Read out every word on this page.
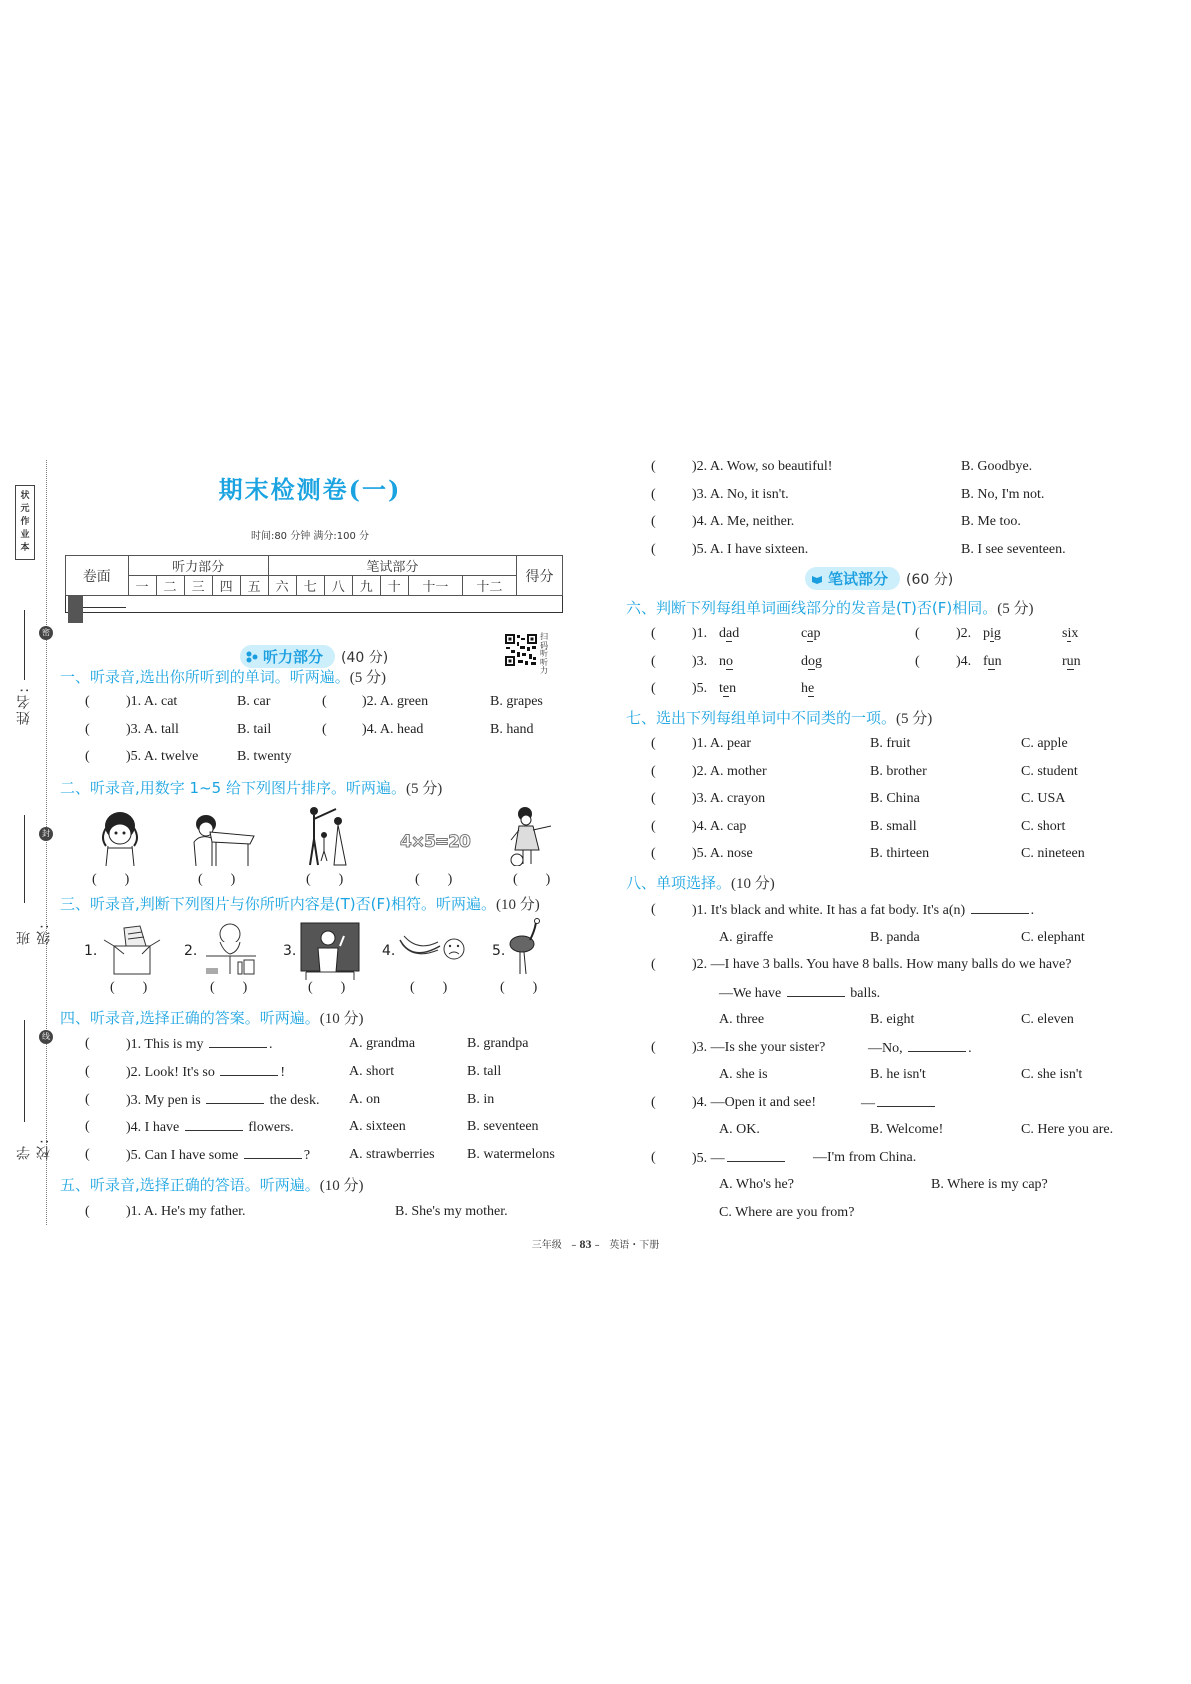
状
元
作
业
本
密
封
线
姓名:
班级:
学校:
期末检测卷(一)
时间:80 分钟 满分:100 分
卷面	听力部分	笔试部分	得分
一	二	三	四	五	六	七	八	九	十	十一	十二

听力部分 (40 分)
扫
码
听
听
力
一、听录音,选出你所听到的单词。听两遍。(5 分)
(	)1. A. cat	B. car	(	)2. A. green	B. grapes
(	)3. A. tall	B. tail	(	)4. A. head	B. hand
(	)5. A. twelve	B. twenty
二、听录音,用数字 1~5 给下列图片排序。听两遍。(5 分)
4×5=20
(        )	(        )	(        )	(        )	(        )
三、听录音,判断下列图片与你所听内容是(T)否(F)相符。听两遍。(10 分)
1.	2.	3.	4.	5.
(        )	(        )	(        )	(        )	(        )
四、听录音,选择正确的答案。听两遍。(10 分)
(	)1. This is my	.	A. grandma	B. grandpa
(	)2. Look! It's so	!	A. short	B. tall
(	)3. My pen is	the desk. A. on	B. in
(	)4. I have	flowers.	A. sixteen	B. seventeen
(	)5. Can I have some	?	A. strawberries B. watermelons
五、听录音,选择正确的答语。听两遍。(10 分)
(	)1. A. He's my father.	B. She's my mother.
(	)2. A. Wow, so beautiful!	B. Goodbye.
(	)3. A. No, it isn't.	B. No, I'm not.
(	)4. A. Me, neither.	B. Me too.
(	)5. A. I have sixteen.	B. I see seventeen.
笔试部分 (60 分)
六、判断下列每组单词画线部分的发音是(T)否(F)相同。(5 分)
(	)1. dad	cap	(	)2. pig	six
(	)3. no	dog	(	)4. fun	run
(	)5. ten	he
七、选出下列每组单词中不同类的一项。(5 分)
(	)1. A. pear	B. fruit	C. apple
(	)2. A. mother	B. brother	C. student
(	)3. A. crayon	B. China	C. USA
(	)4. A. cap	B. small	C. short
(	)5. A. nose	B. thirteen	C. nineteen
八、单项选择。(10 分)
(	)1. It's black and white. It has a fat body. It's a(n)	.
A. giraffe	B. panda	C. elephant
(	)2. —I have 3 balls. You have 8 balls. How many balls do we have?
—We have	balls.
A. three	B. eight	C. eleven
(	)3. —Is she your sister?	—No,	.
A. she is	B. he isn't	C. she isn't
(	)4. —Open it and see!	—
A. OK.	B. Welcome!	C. Here you are.
(	)5. —	—I'm from China.
A. Who's he?	B. Where is my cap?
C. Where are you from?
三年级   – 83 –   英语・下册
